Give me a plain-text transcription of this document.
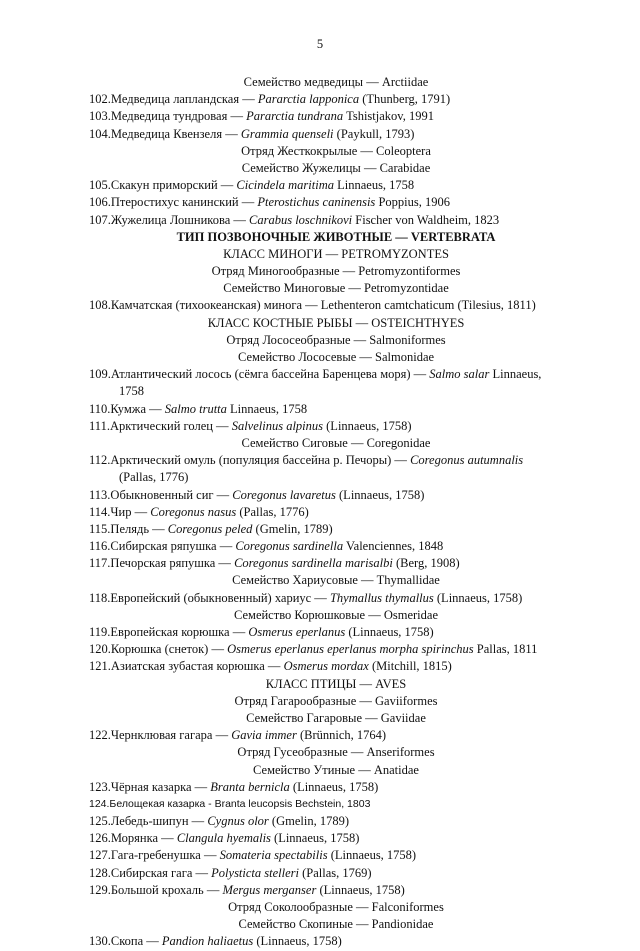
5
Семейство медведицы — Arctiidae
102.Медведица лапландская — Pararctia lapponica (Thunberg, 1791)
103.Медведица тундровая — Pararctia tundrana Tshistjakov, 1991
104.Медведица Квензеля — Grammia quenseli (Paykull, 1793)
Отряд Жесткокрылые — Coleoptera
Семейство Жужелицы — Carabidae
105.Скакун приморский — Cicindela maritima Linnaeus, 1758
106.Птеростихус канинский — Pterostichus caninensis Poppius, 1906
107.Жужелица Лошникова — Carabus loschnikovi Fischer von Waldheim, 1823
ТИП ПОЗВОНОЧНЫЕ ЖИВОТНЫЕ — VERTEBRATA
КЛАСС МИНОГИ — PETROMYZONTES
Отряд Миногообразные — Petromyzontiformes
Семейство Миноговые — Petromyzontidae
108.Камчатская (тихоокеанская) минога — Lethenteron camtchaticum (Tilesius, 1811)
КЛАСС КОСТНЫЕ РЫБЫ — OSTEICHTHYES
Отряд Лососеобразные — Salmoniformes
Семейство Лососевые — Salmonidae
109.Атлантический лосось (сёмга бассейна Баренцева моря) — Salmo salar Linnaeus,
1758
110.Кумжа — Salmo trutta Linnaeus, 1758
111.Арктический голец — Salvelinus alpinus (Linnaeus, 1758)
Семейство Сиговые — Coregonidae
112.Арктический омуль (популяция бассейна р. Печоры) — Coregonus autumnalis
(Pallas, 1776)
113.Обыкновенный сиг — Coregonus lavaretus (Linnaeus, 1758)
114.Чир — Coregonus nasus (Pallas, 1776)
115.Пелядь — Coregonus peled (Gmelin, 1789)
116.Сибирская ряпушка — Coregonus sardinella Valenciennes, 1848
117.Печорская ряпушка — Coregonus sardinella marisalbi (Berg, 1908)
Семейство Хариусовые — Thymallidae
118.Европейский (обыкновенный) хариус — Thymallus thymallus (Linnaeus, 1758)
Семейство Корюшковые — Osmeridae
119.Европейская корюшка — Osmerus eperlanus (Linnaeus, 1758)
120.Корюшка (снеток) — Osmerus eperlanus eperlanus morpha spirinchus Pallas, 1811
121.Азиатская зубастая корюшка — Osmerus mordax (Mitchill, 1815)
КЛАСС ПТИЦЫ — AVES
Отряд Гагарообразные — Gaviiformes
Семейство Гагаровые — Gaviidae
122.Чернклювая гагара — Gavia immer (Brünnich, 1764)
Отряд Гусеобразные — Anseriformes
Семейство Утиные — Anatidae
123.Чёрная казарка — Branta bernicla (Linnaeus, 1758)
124.Белощекая казарка - Branta leucopsis Bechstein, 1803
125.Лебедь-шипун — Cygnus olor (Gmelin, 1789)
126.Морянка — Clangula hyemalis (Linnaeus, 1758)
127.Гага-гребенушка — Somateria spectabilis (Linnaeus, 1758)
128.Сибирская гага — Polysticta stelleri (Pallas, 1769)
129.Большой крохаль — Mergus merganser (Linnaeus, 1758)
Отряд Соколообразные — Falconiformes
Семейство Скопиные — Pandionidae
130.Скопа — Pandion haliaetus (Linnaeus, 1758)
